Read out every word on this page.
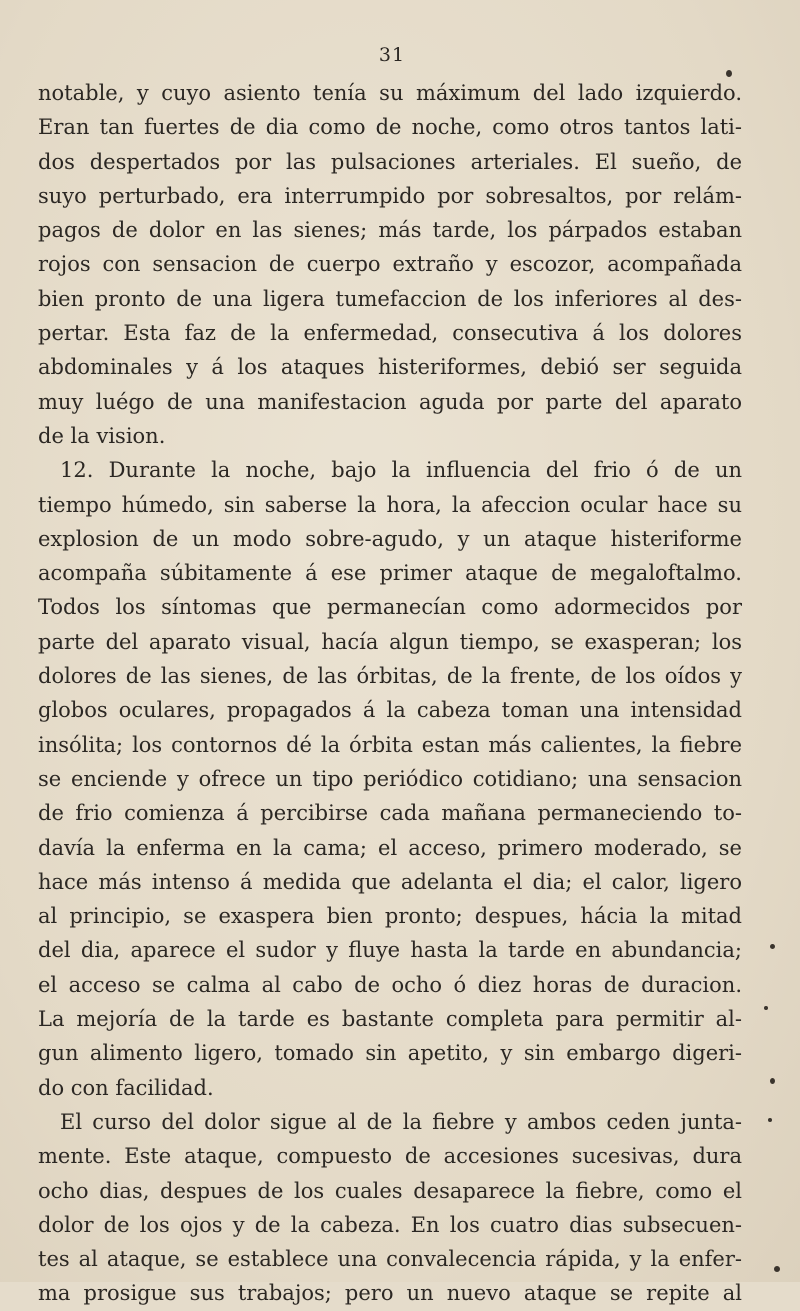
31
notable, y cuyo asiento tenía su máximum del lado izquierdo.
Eran tan fuertes de dia como de noche, como otros tantos lati-
dos despertados por las pulsaciones arteriales. El sueño, de
suyo perturbado, era interrumpido por sobresaltos, por relám-
pagos de dolor en las sienes; más tarde, los párpados estaban
rojos con sensacion de cuerpo extraño y escozor, acompañada
bien pronto de una ligera tumefaccion de los inferiores al des-
pertar. Esta faz de la enfermedad, consecutiva á los dolores
abdominales y á los ataques histeriformes, debió ser seguida
muy luégo de una manifestacion aguda por parte del aparato
de la vision.
12. Durante la noche, bajo la influencia del frio ó de un
tiempo húmedo, sin saberse la hora, la afeccion ocular hace su
explosion de un modo sobre-agudo, y un ataque histeriforme
acompaña súbitamente á ese primer ataque de megaloftalmo.
Todos los síntomas que permanecían como adormecidos por
parte del aparato visual, hacía algun tiempo, se exasperan; los
dolores de las sienes, de las órbitas, de la frente, de los oídos y
globos oculares, propagados á la cabeza toman una intensidad
insólita; los contornos dé la órbita estan más calientes, la fiebre
se enciende y ofrece un tipo periódico cotidiano; una sensacion
de frio comienza á percibirse cada mañana permaneciendo to-
davía la enferma en la cama; el acceso, primero moderado, se
hace más intenso á medida que adelanta el dia; el calor, ligero
al principio, se exaspera bien pronto; despues, hácia la mitad
del dia, aparece el sudor y fluye hasta la tarde en abundancia;
el acceso se calma al cabo de ocho ó diez horas de duracion.
La mejoría de la tarde es bastante completa para permitir al-
gun alimento ligero, tomado sin apetito, y sin embargo digeri-
do con facilidad.
El curso del dolor sigue al de la fiebre y ambos ceden junta-
mente. Este ataque, compuesto de accesiones sucesivas, dura
ocho dias, despues de los cuales desaparece la fiebre, como el
dolor de los ojos y de la cabeza. En los cuatro dias subsecuen-
tes al ataque, se establece una convalecencia rápida, y la enfer-
ma prosigue sus trabajos; pero un nuevo ataque se repite al
